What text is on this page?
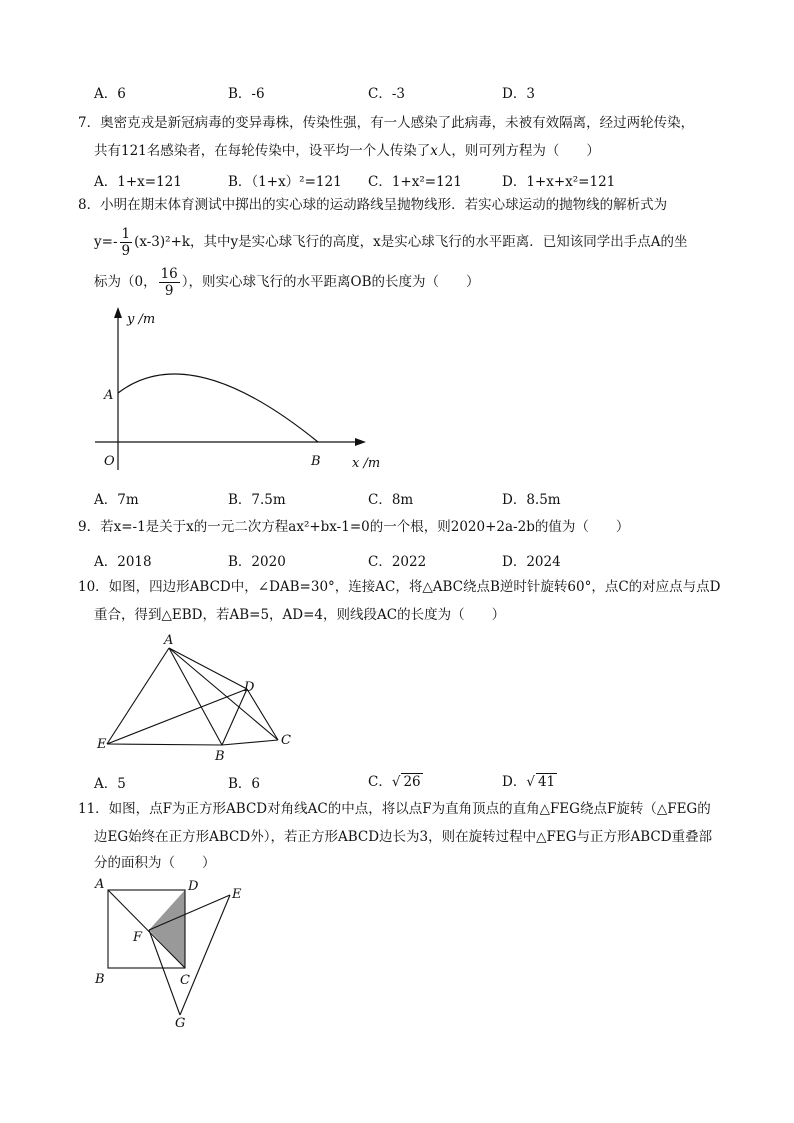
A．6	B．-6	C．-3	D．3
7．奥密克戎是新冠病毒的变异毒株，传染性强，有一人感染了此病毒，未被有效隔离，经过两轮传染，
共有121名感染者，在每轮传染中，设平均一个人传染了x人，则可列方程为（　　）
A．1+x=121	B．（1+x）²=121 C．1+x²=121	D．1+x+x²=121
8．小明在期末体育测试中掷出的实心球的运动路线呈抛物线形．若实心球运动的抛物线的解析式为
$y=- \frac{1}{9} (x-3)^2+k$，其中y是实心球飞行的高度，x是实心球飞行的水平距离．已知该同学出手点A的坐
标为（0， $\frac{16}{9}$ ），则实心球飞行的水平距离OB的长度为（　　）
y /m
x /m
O
A
B
A．7m	B．7.5m	C．8m	D．8.5m
9．若x=-1是关于x的一元二次方程ax²+bx-1=0的一个根，则2020+2a-2b的值为（　　）
A．2018	B．2020	C．2022	D．2024
10．如图，四边形ABCD中，∠DAB=30°，连接AC，将△ABC绕点B逆时针旋转60°，点C的对应点与点D
重合，得到△EBD，若AB=5，AD=4，则线段AC的长度为（　　）
A
B
C
D
E
A．5	B．6	C．√ 26	D．√ 41
11．如图，点F为正方形ABCD对角线AC的中点，将以点F为直角顶点的直角△FEG绕点F旋转（△FEG的
边EG始终在正方形ABCD外），若正方形ABCD边长为3，则在旋转过程中△FEG与正方形ABCD重叠部
分的面积为（　　）
A
B	C
D
E
F
G
